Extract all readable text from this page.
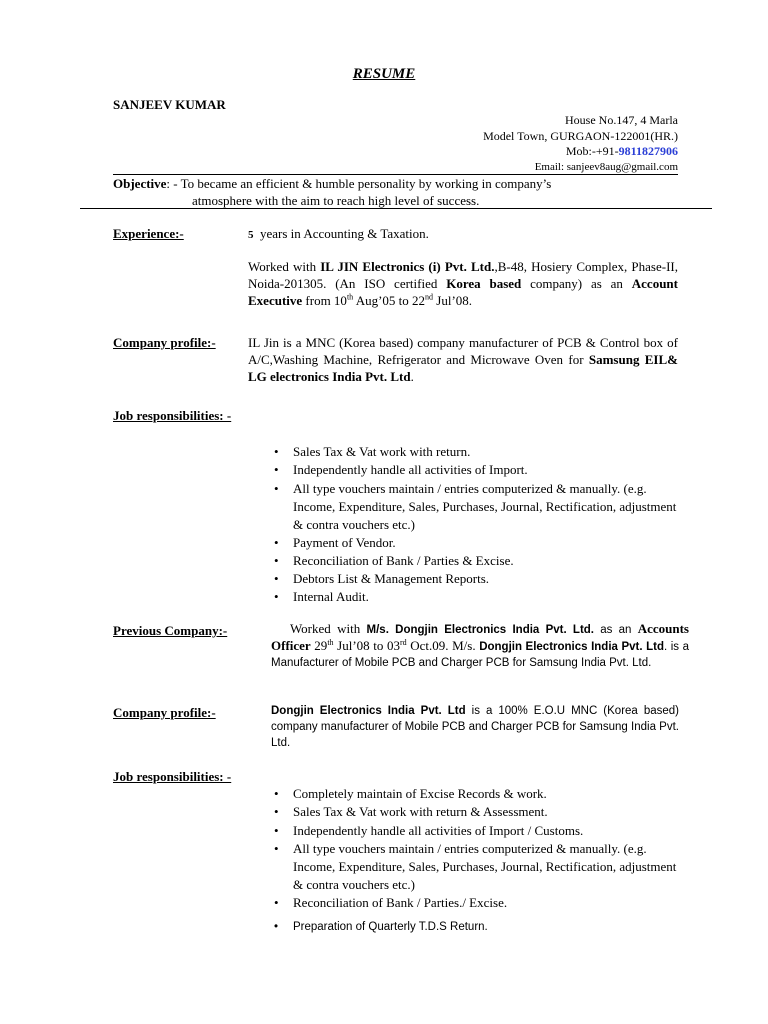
RESUME
SANJEEV KUMAR
House No.147, 4 Marla
Model Town, GURGAON-122001(HR.)
Mob:-+91-9811827906
Email: sanjeev8aug@gmail.com
Objective: - To became an efficient & humble personality by working in company’s
atmosphere with the aim to reach high level of success.
Experience:-	5 years in Accounting & Taxation.
Worked with IL JIN Electronics (i) Pvt. Ltd.,B-48, Hosiery Complex, Phase-II, Noida-201305. (An ISO certified Korea based company) as an Account Executive from 10th Aug’05 to 22nd Jul’08.
Company profile:- IL Jin is a MNC (Korea based) company manufacturer of PCB & Control box of A/C,Washing Machine, Refrigerator and Microwave Oven for Samsung EIL& LG electronics India Pvt. Ltd.
Job responsibilities: -
• Sales Tax & Vat work with return.
• Independently handle all activities of Import.
• All type vouchers maintain / entries computerized & manually. (e.g. Income, Expenditure, Sales, Purchases, Journal, Rectification, adjustment & contra vouchers etc.)
• Payment of Vendor.
• Reconciliation of Bank / Parties & Excise.
• Debtors List & Management Reports.
• Internal Audit.
Previous Company:-	Worked with M/s. Dongjin Electronics India Pvt. Ltd. as an Accounts Officer 29th Jul’08 to 03rd Oct.09. M/s. Dongjin Electronics India Pvt. Ltd. is a Manufacturer of Mobile PCB and Charger PCB for Samsung India Pvt. Ltd.
Company profile:-	Dongjin Electronics India Pvt. Ltd is a 100% E.O.U MNC (Korea based) company manufacturer of Mobile PCB and Charger PCB for Samsung India Pvt. Ltd.
Job responsibilities: -
• Completely maintain of Excise Records & work.
• Sales Tax & Vat work with return & Assessment.
• Independently handle all activities of Import / Customs.
• All type vouchers maintain / entries computerized & manually. (e.g. Income, Expenditure, Sales, Purchases, Journal, Rectification, adjustment & contra vouchers etc.)
• Reconciliation of Bank / Parties./ Excise.
• Preparation of Quarterly T.D.S Return.
